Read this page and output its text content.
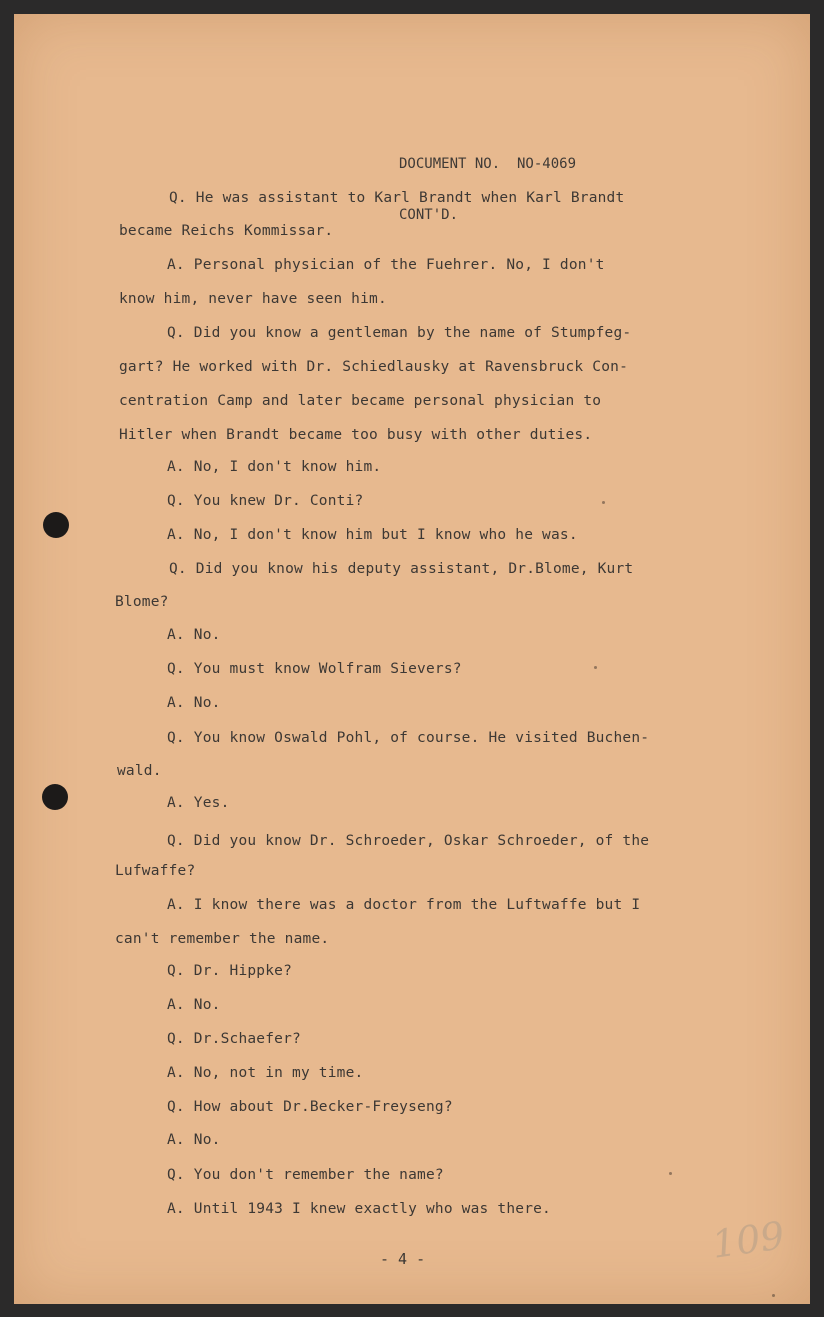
DOCUMENT NO.  NO-4069

CONT'D.

Q. He was assistant to Karl Brandt when Karl Brandt
became Reichs Kommissar.
A. Personal physician of the Fuehrer. No, I don't
know him, never have seen him.
Q. Did you know a gentleman by the name of Stumpfeg-
gart? He worked with Dr. Schiedlausky at Ravensbruck Con-
centration Camp and later became personal physician to
Hitler when Brandt became too busy with other duties.
A. No, I don't know him.
Q. You knew Dr. Conti?
A. No, I don't know him but I know who he was.
Q. Did you know his deputy assistant, Dr.Blome, Kurt
Blome?
A. No.
Q. You must know Wolfram Sievers?
A. No.
Q. You know Oswald Pohl, of course. He visited Buchen-
wald.
A. Yes.
Q. Did you know Dr. Schroeder, Oskar Schroeder, of the
Lufwaffe?
A. I know there was a doctor from the Luftwaffe but I
can't remember the name.
Q. Dr. Hippke?
A. No.
Q. Dr.Schaefer?
A. No, not in my time.
Q. How about Dr.Becker-Freyseng?
A. No.
Q. You don't remember the name?
A. Until 1943 I knew exactly who was there.
- 4 -	109
